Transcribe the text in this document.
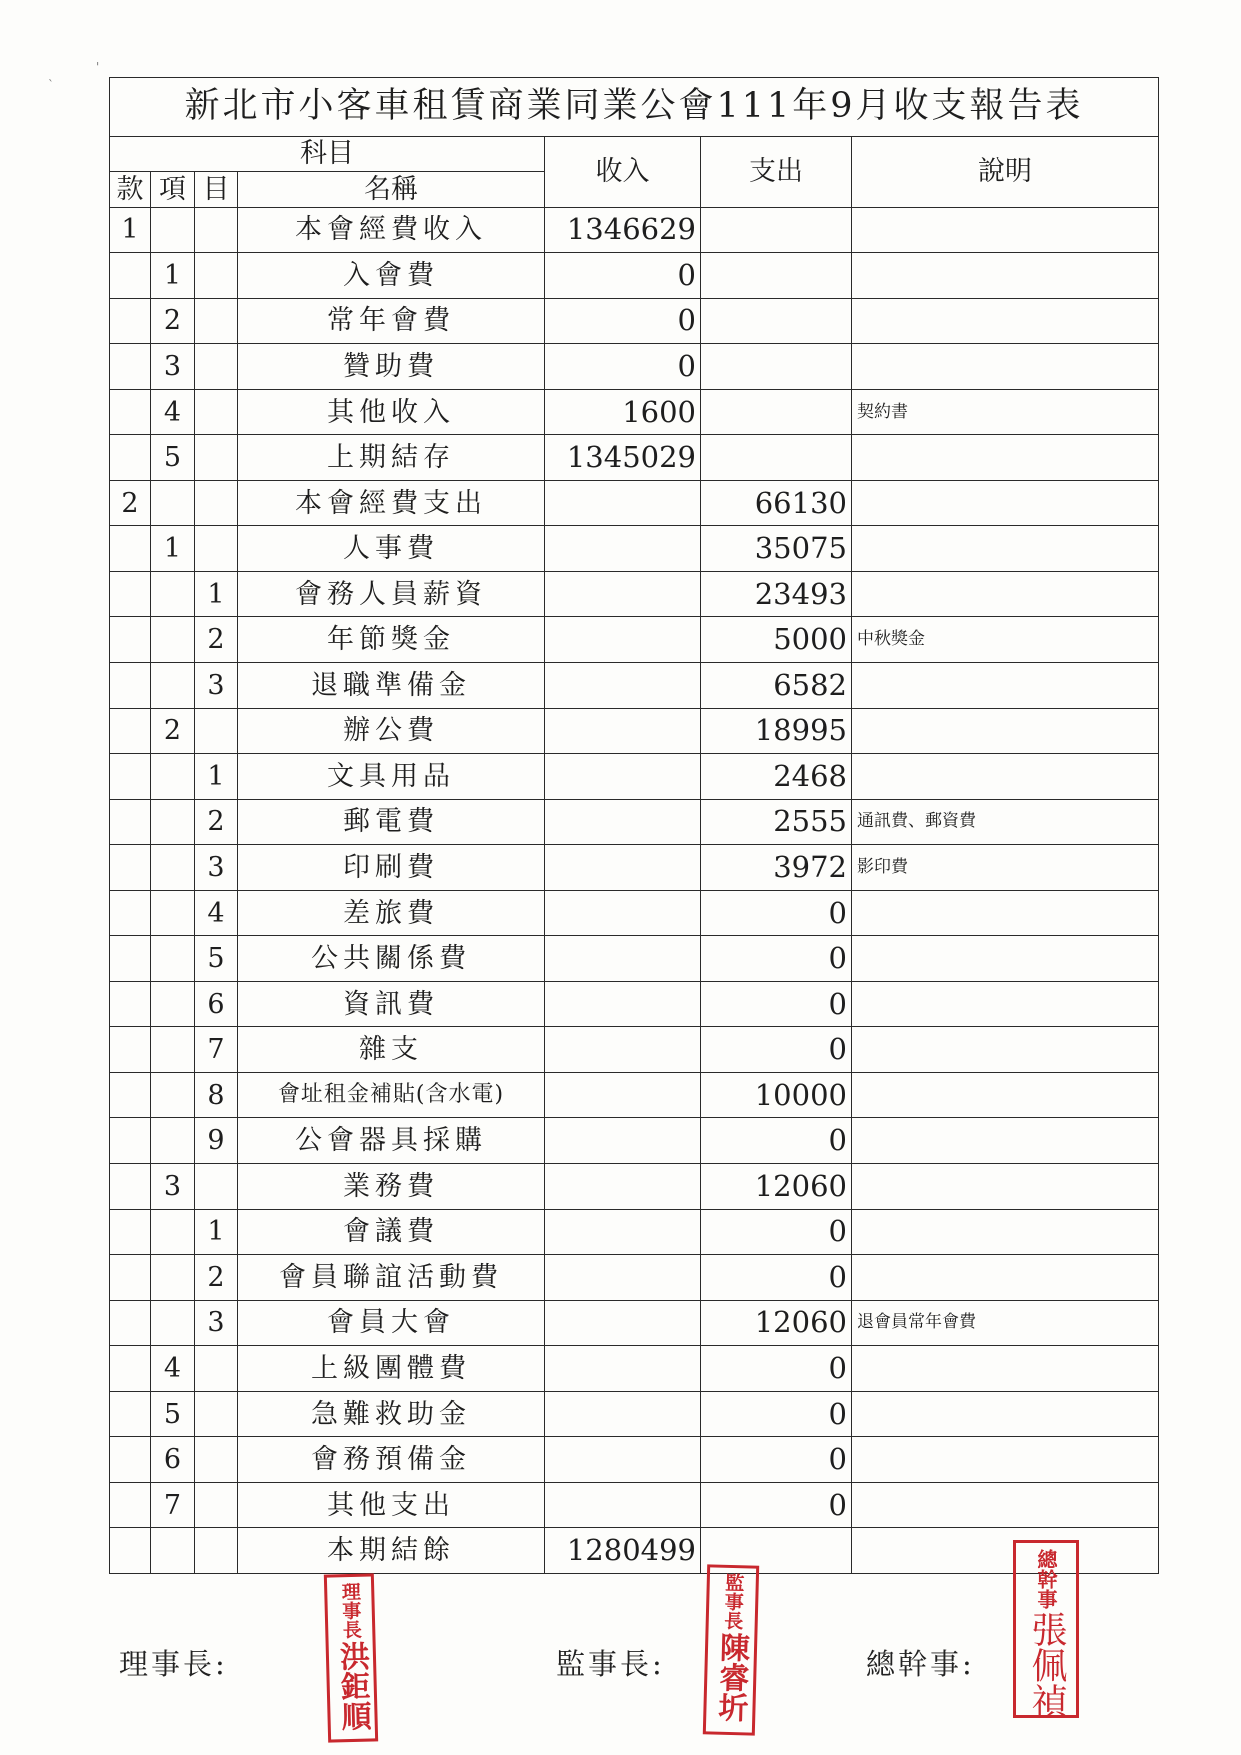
'
`
新北市小客車租賃商業同業公會111年9月收支報告表						
科目				收入	支出	說明
款	項	目	名稱			
1			本會經費收入	1346629		
	1		入會費	0		
	2		常年會費	0		
	3		贊助費	0		
	4		其他收入	1600		契約書
	5		上期結存	1345029		
2			本會經費支出		66130	
	1		人事費		35075	
		1	會務人員薪資		23493	
		2	年節獎金		5000	中秋獎金
		3	退職準備金		6582	
	2		辦公費		18995	
		1	文具用品		2468	
		2	郵電費		2555	通訊費、郵資費
		3	印刷費		3972	影印費
		4	差旅費		0	
		5	公共關係費		0	
		6	資訊費		0	
		7	雜支		0	
		8	會址租金補貼(含水電)		10000	
		9	公會器具採購		0	
	3		業務費		12060	
		1	會議費		0	
		2	會員聯誼活動費		0	
		3	會員大會		12060	退會員常年會費
	4		上級團體費		0	
	5		急難救助金		0	
	6		會務預備金		0	
	7		其他支出		0	
			本期結餘	1280499		
理事長:	監事長:	總幹事:
理事長
洪鉅順
監事長
陳睿圻
總幹事
張佩禎
